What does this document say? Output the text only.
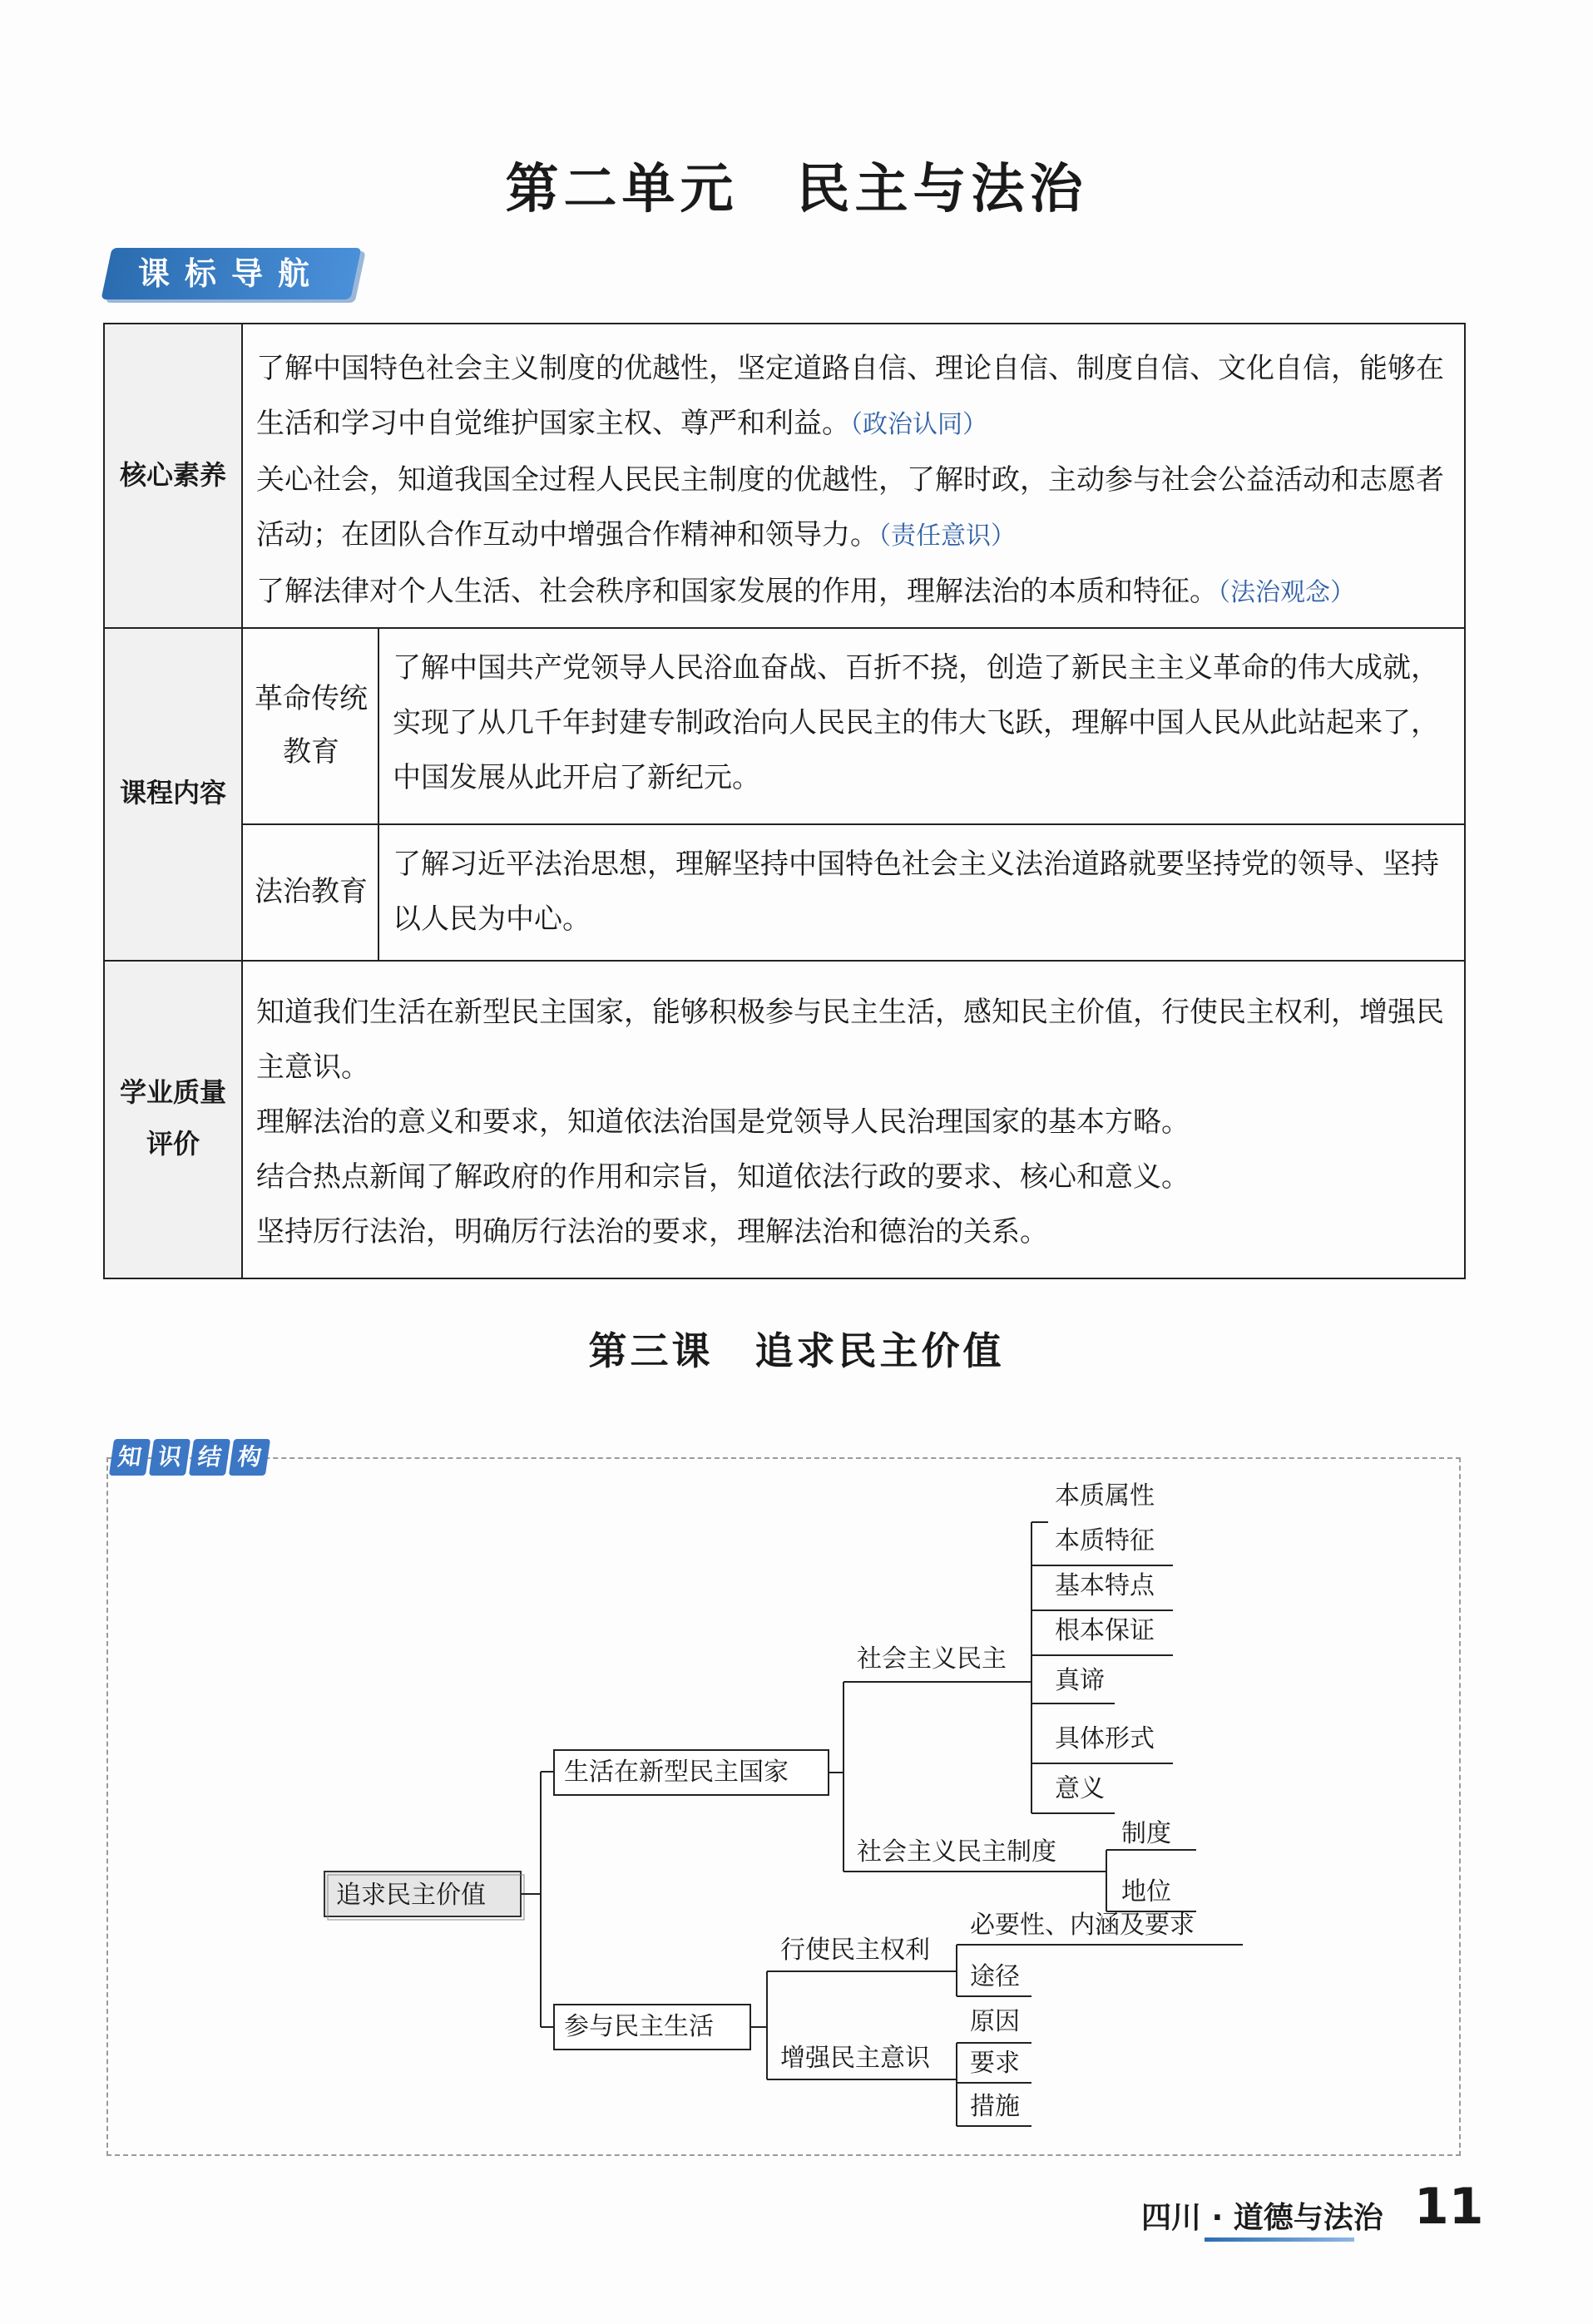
第二单元　民主与法治
课标导航
核心素养

了解中国特色社会主义制度的优越性，坚定道路自信、理论自信、制度自信、文化自信，能够在生活和学习中自觉维护国家主权、尊严和利益。（政治认同）

关心社会，知道我国全过程人民民主制度的优越性，了解时政，主动参与社会公益活动和志愿者活动；在团队合作互动中增强合作精神和领导力。（责任意识）

了解法律对个人生活、社会秩序和国家发展的作用，理解法治的本质和特征。（法治观念）

课程内容
革命传统教育
了解中国共产党领导人民浴血奋战、百折不挠，创造了新民主主义革命的伟大成就，实现了从几千年封建专制政治向人民民主的伟大飞跃，理解中国人民从此站起来了，中国发展从此开启了新纪元。
法治教育
了解习近平法治思想，理解坚持中国特色社会主义法治道路就要坚持党的领导、坚持以人民为中心。
学业质量评价

知道我们生活在新型民主国家，能够积极参与民主生活，感知民主价值，行使民主权利，增强民主意识。

理解法治的意义和要求，知道依法治国是党领导人民治理国家的基本方略。

结合热点新闻了解政府的作用和宗旨，知道依法行政的要求、核心和意义。

坚持厉行法治，明确厉行法治的要求，理解法治和德治的关系。

第三课　追求民主价值
知 识 结 构
追求民主价值
生活在新型民主国家
参与民主生活
社会主义民主
本质属性
本质特征
基本特点
根本保证
真谛
具体形式
意义
社会主义民主制度
制度
地位
行使民主权利
必要性、内涵及要求
途径
增强民主意识
原因
要求
措施
四川 · 道德与法治 11
